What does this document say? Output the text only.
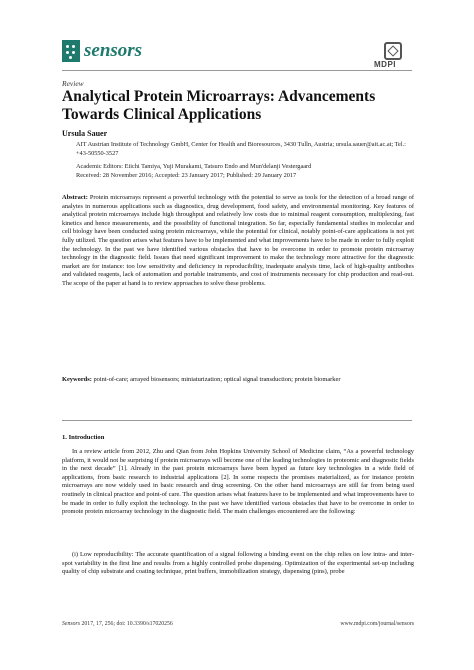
sensors
MDPI
Review
Analytical Protein Microarrays: Advancements Towards Clinical Applications
Ursula Sauer
AIT Austrian Institute of Technology GmbH, Center for Health and Bioresources, 3430 Tulln, Austria; ursula.sauer@ait.ac.at; Tel.: +43-50550-3527
Academic Editors: Eiichi Tamiya, Yuji Murakami, Tatsuro Endo and Mun'delanji Vestergaard
Received: 28 November 2016; Accepted: 23 January 2017; Published: 29 January 2017
Abstract: Protein microarrays represent a powerful technology with the potential to serve as tools for the detection of a broad range of analytes in numerous applications such as diagnostics, drug development, food safety, and environmental monitoring. Key features of analytical protein microarrays include high throughput and relatively low costs due to minimal reagent consumption, multiplexing, fast kinetics and hence measurements, and the possibility of functional integration. So far, especially fundamental studies in molecular and cell biology have been conducted using protein microarrays, while the potential for clinical, notably point-of-care applications is not yet fully utilized. The question arises what features have to be implemented and what improvements have to be made in order to fully exploit the technology. In the past we have identified various obstacles that have to be overcome in order to promote protein microarray technology in the diagnostic field. Issues that need significant improvement to make the technology more attractive for the diagnostic market are for instance: too low sensitivity and deficiency in reproducibility, inadequate analysis time, lack of high-quality antibodies and validated reagents, lack of automation and portable instruments, and cost of instruments necessary for chip production and read-out. The scope of the paper at hand is to review approaches to solve these problems.
Keywords: point-of-care; arrayed biosensors; miniaturization; optical signal transduction; protein biomarker
1. Introduction
In a review article from 2012, Zhu and Qian from John Hopkins University School of Medicine claim, “As a powerful technology platform, it would not be surprising if protein microarrays will become one of the leading technologies in proteomic and diagnostic fields in the next decade” [1]. Already in the past protein microarrays have been hyped as future key technologies in a wide field of applications, from basic research to industrial applications [2]. In some respects the promises materialized, as for instance protein microarrays are now widely used in basic research and drug screening. On the other hand microarrays are still far from being used routinely in clinical practice and point-of care. The question arises what features have to be implemented and what improvements have to be made in order to fully exploit the technology. In the past we have identified various obstacles that have to be overcome in order to promote protein microarray technology in the diagnostic field. The main challenges encountered are the following:
(i) Low reproducibility: The accurate quantification of a signal following a binding event on the chip relies on low intra- and inter- spot variability in the first line and results from a highly controlled probe dispensing. Optimization of the experimental set-up including quality of chip substrate and coating technique, print buffers, immobilization strategy, dispensing (pins), probe
Sensors 2017, 17, 256; doi: 10.3390/s17020256	www.mdpi.com/journal/sensors
